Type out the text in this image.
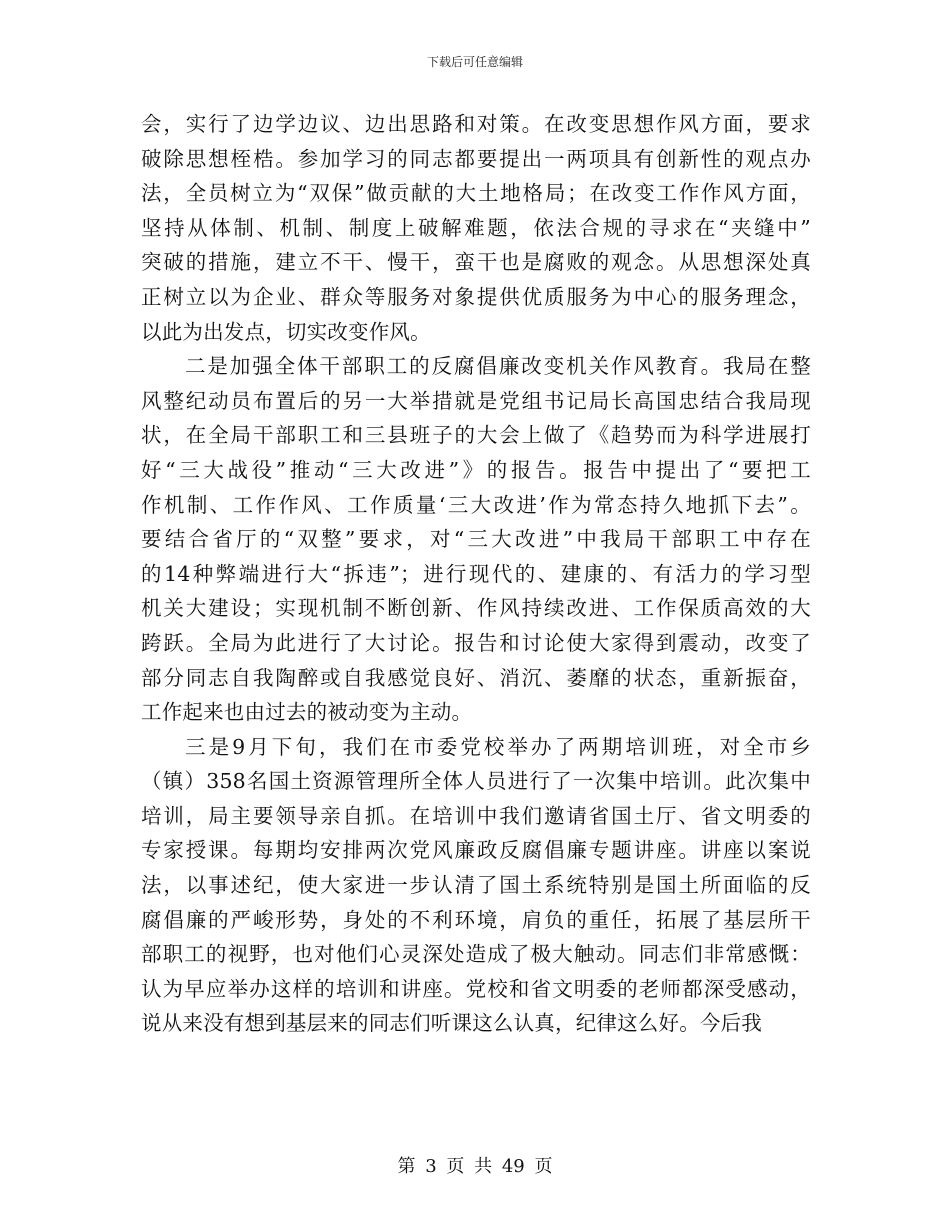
下载后可任意编辑
会，实行了边学边议、边出思路和对策。在改变思想作风方面，要求
破除思想桎梏。参加学习的同志都要提出一两项具有创新性的观点办
法，全员树立为“双保”做贡献的大土地格局；在改变工作作风方面，
坚持从体制、机制、制度上破解难题，依法合规的寻求在“夹缝中”
突破的措施，建立不干、慢干，蛮干也是腐败的观念。从思想深处真
正树立以为企业、群众等服务对象提供优质服务为中心的服务理念，
以此为出发点，切实改变作风。
二是加强全体干部职工的反腐倡廉改变机关作风教育。我局在整
风整纪动员布置后的另一大举措就是党组书记局长高国忠结合我局现
状，在全局干部职工和三县班子的大会上做了《趋势而为科学进展打
好“三大战役”推动“三大改进”》的报告。报告中提出了“要把工
作机制、工作作风、工作质量‘三大改进’作为常态持久地抓下去”。
要结合省厅的“双整”要求，对“三大改进”中我局干部职工中存在
的14种弊端进行大“拆违”；进行现代的、建康的、有活力的学习型
机关大建设；实现机制不断创新、作风持续改进、工作保质高效的大
跨跃。全局为此进行了大讨论。报告和讨论使大家得到震动，改变了
部分同志自我陶醉或自我感觉良好、消沉、萎靡的状态，重新振奋，
工作起来也由过去的被动变为主动。
三是9月下旬，我们在市委党校举办了两期培训班，对全市乡
（镇）358名国土资源管理所全体人员进行了一次集中培训。此次集中
培训，局主要领导亲自抓。在培训中我们邀请省国土厅、省文明委的
专家授课。每期均安排两次党风廉政反腐倡廉专题讲座。讲座以案说
法，以事述纪，使大家进一步认清了国土系统特别是国土所面临的反
腐倡廉的严峻形势，身处的不利环境，肩负的重任，拓展了基层所干
部职工的视野，也对他们心灵深处造成了极大触动。同志们非常感慨：
认为早应举办这样的培训和讲座。党校和省文明委的老师都深受感动，
说从来没有想到基层来的同志们听课这么认真，纪律这么好。今后我
第 3 页 共 49 页
